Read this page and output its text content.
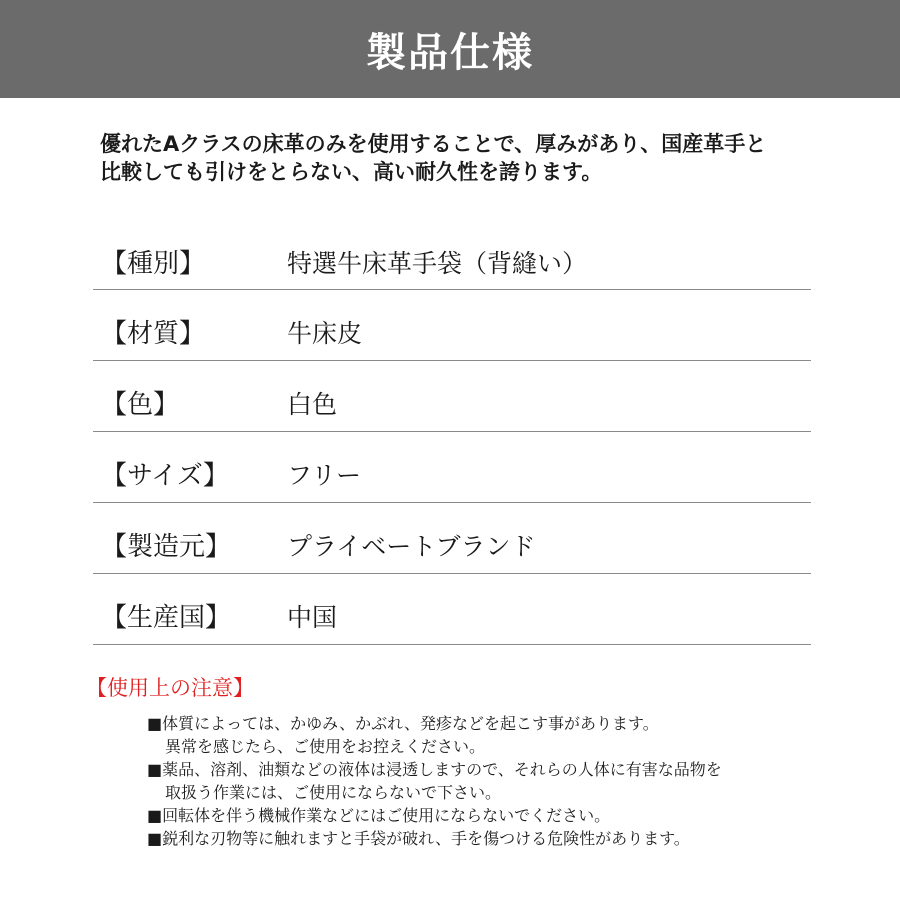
製品仕様
優れたAクラスの床革のみを使用することで、厚みがあり、国産革手と
比較しても引けをとらない、高い耐久性を誇ります。
【種別】	特選牛床革手袋（背縫い）
【材質】	牛床皮
【色】	白色
【サイズ】 フリー
【製造元】 プライベートブランド
【生産国】 中国
【使用上の注意】
■体質によっては、かゆみ、かぶれ、発疹などを起こす事があります。
異常を感じたら、ご使用をお控えください。
■薬品、溶剤、油類などの液体は浸透しますので、それらの人体に有害な品物を
取扱う作業には、ご使用にならないで下さい。
■回転体を伴う機械作業などにはご使用にならないでください。
■鋭利な刃物等に触れますと手袋が破れ、手を傷つける危険性があります。
